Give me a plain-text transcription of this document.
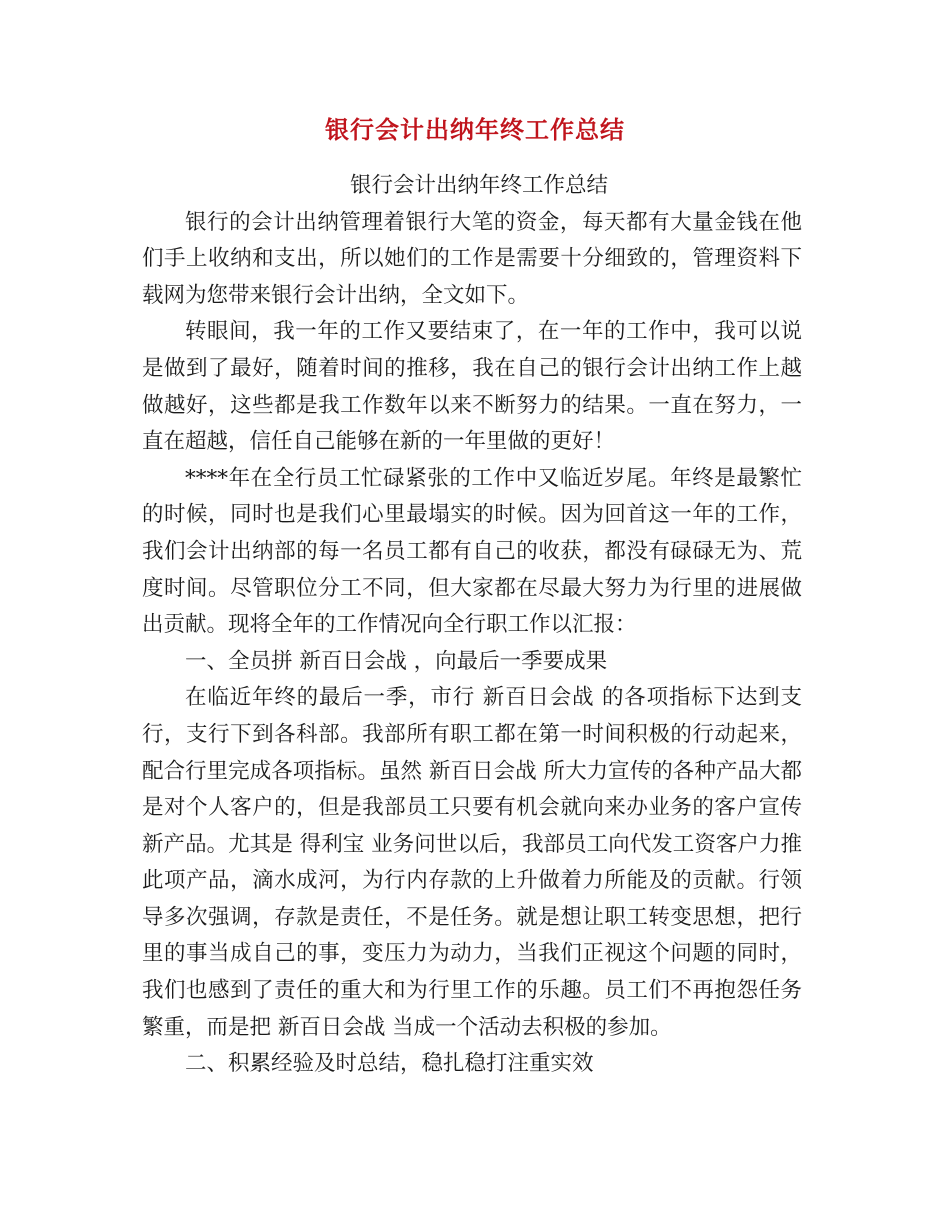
银行会计出纳年终工作总结

银行会计出纳年终工作总结

银行的会计出纳管理着银行大笔的资金，每天都有大量金钱在他们手上收纳和支出，所以她们的工作是需要十分细致的，管理资料下载网为您带来银行会计出纳，全文如下。

转眼间，我一年的工作又要结束了，在一年的工作中，我可以说是做到了最好，随着时间的推移，我在自己的银行会计出纳工作上越做越好，这些都是我工作数年以来不断努力的结果。一直在努力，一直在超越，信任自己能够在新的一年里做的更好！

****年在全行员工忙碌紧张的工作中又临近岁尾。年终是最繁忙的时候，同时也是我们心里最塌实的时候。因为回首这一年的工作，我们会计出纳部的每一名员工都有自己的收获，都没有碌碌无为、荒度时间。尽管职位分工不同，但大家都在尽最大努力为行里的进展做出贡献。现将全年的工作情况向全行职工作以汇报：

一、全员拼 新百日会战 ，向最后一季要成果

在临近年终的最后一季，市行 新百日会战 的各项指标下达到支行，支行下到各科部。我部所有职工都在第一时间积极的行动起来，配合行里完成各项指标。虽然 新百日会战 所大力宣传的各种产品大都是对个人客户的，但是我部员工只要有机会就向来办业务的客户宣传新产品。尤其是 得利宝 业务问世以后，我部员工向代发工资客户力推此项产品，滴水成河，为行内存款的上升做着力所能及的贡献。行领导多次强调，存款是责任，不是任务。就是想让职工转变思想，把行里的事当成自己的事，变压力为动力，当我们正视这个问题的同时，我们也感到了责任的重大和为行里工作的乐趣。员工们不再抱怨任务繁重，而是把 新百日会战 当成一个活动去积极的参加。

二、积累经验及时总结，稳扎稳打注重实效
